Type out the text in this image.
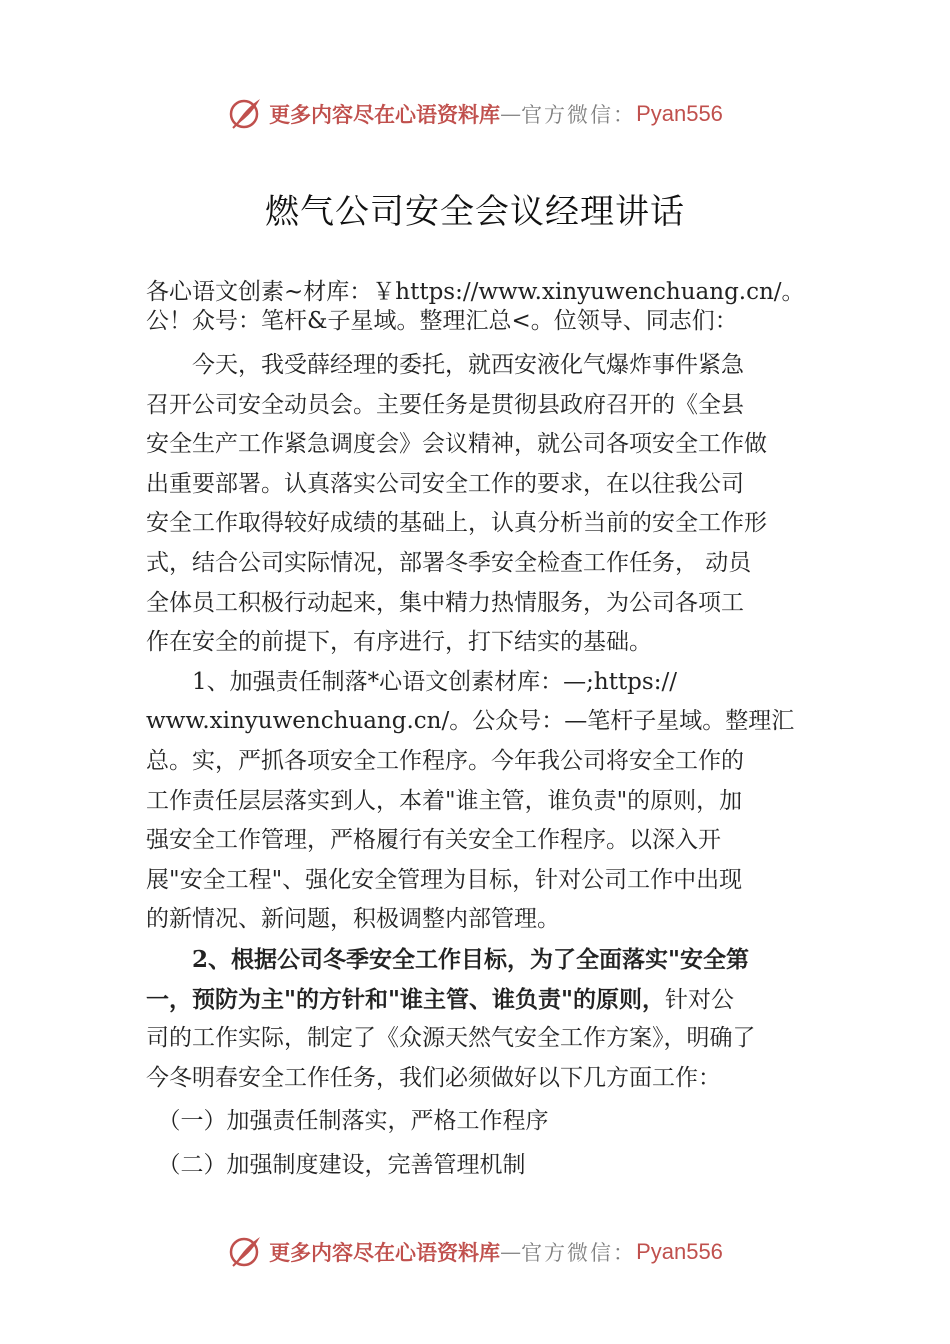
更多内容尽在心语资料库 — 官方微信： Pyan556
燃气公司安全会议经理讲话
各心语文创素~材库：￥https://www.xinyuwenchuang.cn/。
公！众号：笔杆&子星域。整理汇总<。位领导、同志们：
　　今天，我受薛经理的委托，就西安液化气爆炸事件紧急
召开公司安全动员会。主要任务是贯彻县政府召开的《全县
安全生产工作紧急调度会》会议精神，就公司各项安全工作做
出重要部署。认真落实公司安全工作的要求，在以往我公司
安全工作取得较好成绩的基础上，认真分析当前的安全工作形
式，结合公司实际情况，部署冬季安全检查工作任务， 动员
全体员工积极行动起来，集中精力热情服务，为公司各项工
作在安全的前提下，有序进行，打下结实的基础。
　　1、加强责任制落*心语文创素材库：—;https://
www.xinyuwenchuang.cn/。公众号：—笔杆子星域。整理汇
总。实，严抓各项安全工作程序。今年我公司将安全工作的
工作责任层层落实到人，本着"谁主管，谁负责"的原则，加
强安全工作管理，严格履行有关安全工作程序。以深入开
展"安全工程"、强化安全管理为目标，针对公司工作中出现
的新情况、新问题，积极调整内部管理。
　　2、根据公司冬季安全工作目标，为了全面落实"安全第
一，预防为主"的方针和"谁主管、谁负责"的原则，针对公
司的工作实际，制定了《众源天然气安全工作方案》，明确了
今冬明春安全工作任务，我们必须做好以下几方面工作：
　（一）加强责任制落实，严格工作程序
　（二）加强制度建设，完善管理机制
更多内容尽在心语资料库 — 官方微信： Pyan556
